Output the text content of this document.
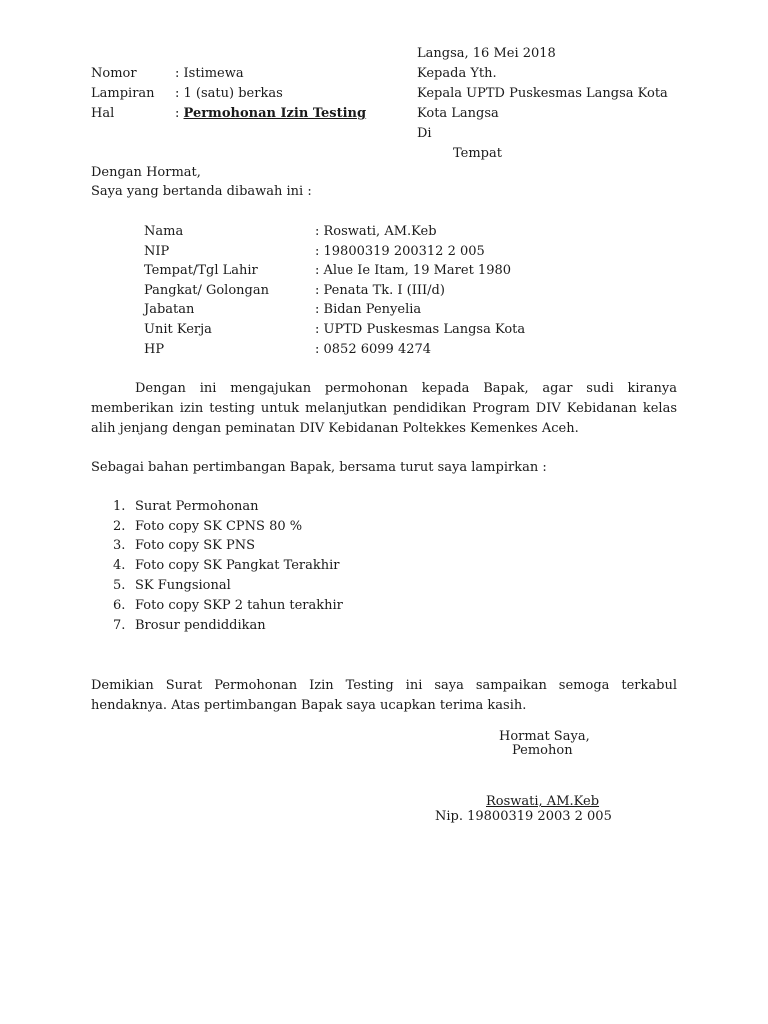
Langsa, 16 Mei 2018
Nomor	: Istimewa
Lampiran : 1 (satu) berkas
Hal	: Permohonan Izin Testing
Kepada Yth.
Kepala UPTD Puskesmas Langsa Kota
Kota Langsa
Di
Tempat
Dengan Hormat,
Saya yang bertanda dibawah ini :
Nama	: Roswati, AM.Keb
NIP	: 19800319 200312 2 005
Tempat/Tgl Lahir	: Alue Ie Itam, 19 Maret 1980
Pangkat/ Golongan	: Penata Tk. I (III/d)
Jabatan	: Bidan Penyelia
Unit Kerja	: UPTD Puskesmas Langsa Kota
HP	: 0852 6099 4274
Dengan ini mengajukan permohonan kepada Bapak, agar sudi kiranya memberikan izin testing untuk melanjutkan pendidikan Program DIV Kebidanan kelas alih jenjang dengan peminatan DIV Kebidanan Poltekkes Kemenkes Aceh.
Sebagai bahan pertimbangan Bapak, bersama turut saya lampirkan :
1. Surat Permohonan
2. Foto copy SK CPNS 80 %
3. Foto copy SK PNS
4. Foto copy SK Pangkat Terakhir
5. SK Fungsional
6. Foto copy SKP 2 tahun terakhir
7. Brosur pendiddikan
Demikian Surat Permohonan Izin Testing ini saya sampaikan semoga terkabul hendaknya. Atas pertimbangan Bapak saya ucapkan terima kasih.
Hormat Saya,
Pemohon
Roswati, AM.Keb
Nip. 19800319 2003 2 005
